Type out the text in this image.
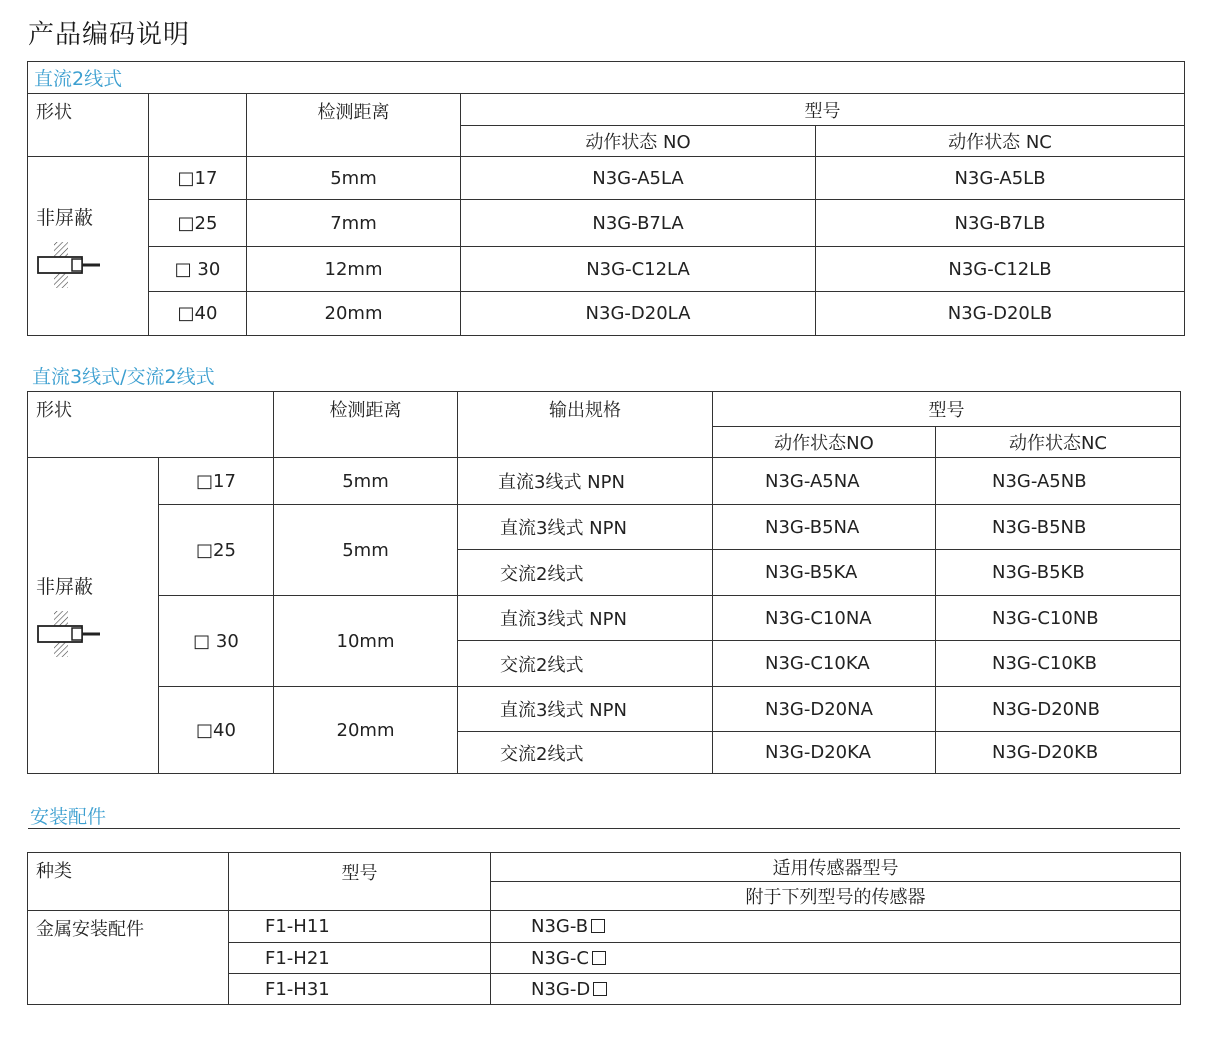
产品编码说明
直流2线式				
形状		检测距离	型号	
			动作状态 NO	动作状态 NC
非屏蔽	□17	5mm	N3G-A5LA	N3G-A5LB
	□25	7mm	N3G-B7LA	N3G-B7LB
	□ 30	12mm	N3G-C12LA	N3G-C12LB
	□40	20mm	N3G-D20LA	N3G-D20LB
直流3线式/交流2线式
形状		检测距离	输出规格	型号	
				动作状态NO	动作状态NC
非屏蔽	□17	5mm	直流3线式 NPN	N3G-A5NA	N3G-A5NB
	□25	5mm	直流3线式 NPN	N3G-B5NA	N3G-B5NB
			交流2线式	N3G-B5KA	N3G-B5KB
	□ 30	10mm	直流3线式 NPN	N3G-C10NA	N3G-C10NB
			交流2线式	N3G-C10KA	N3G-C10KB
	□40	20mm	直流3线式 NPN	N3G-D20NA	N3G-D20NB
			交流2线式	N3G-D20KA	N3G-D20KB
安装配件
种类	型号	适用传感器型号
		附于下列型号的传感器
金属安装配件	F1-H11	N3G-B
	F1-H21	N3G-C
	F1-H31	N3G-D
